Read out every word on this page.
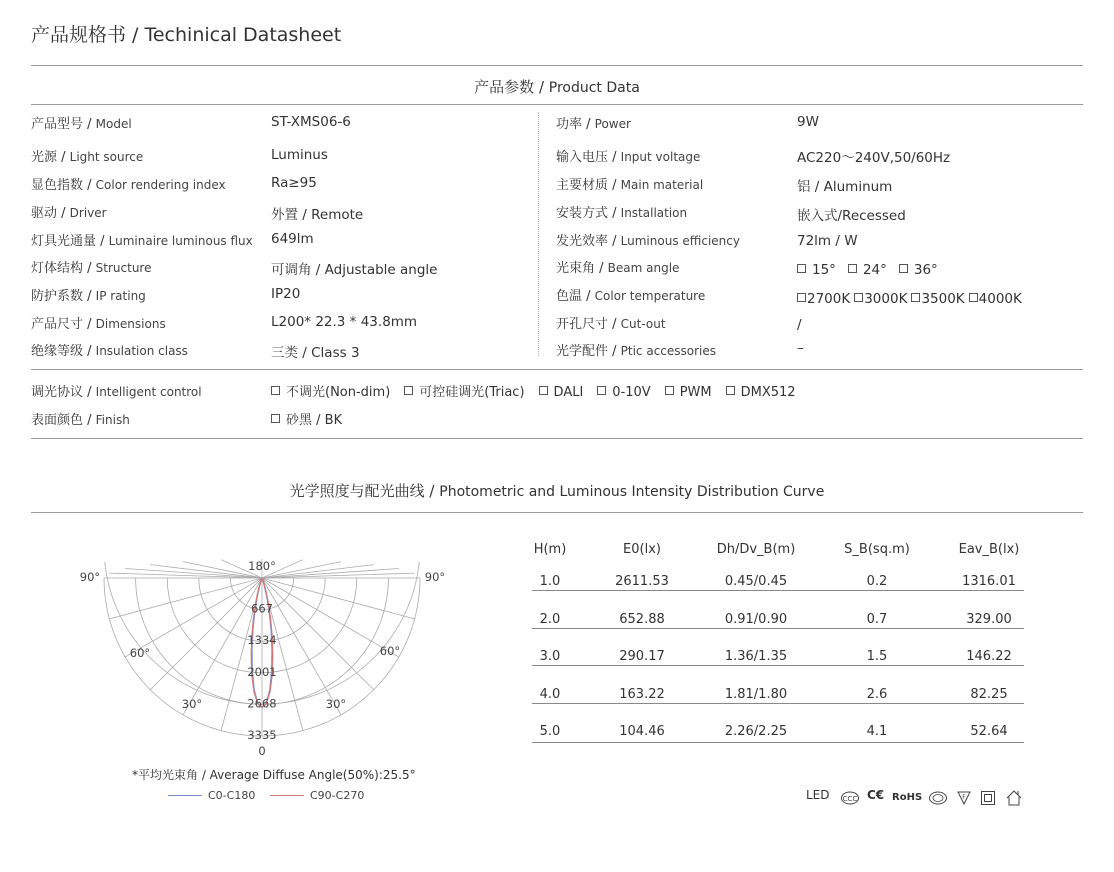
产品规格书 / Techinical Datasheet
产品参数 / Product Data
产品型号 / Model	ST-XMS06-6
光源 / Light source	Luminus
显色指数 / Color rendering index	Ra≥95
驱动 / Driver	外置 / Remote
灯具光通量 / Luminaire luminous flux 649lm
灯体结构 / Structure	可调角 / Adjustable angle
防护系数 / IP rating	IP20
产品尺寸 / Dimensions	L200* 22.3 * 43.8mm
绝缘等级 / Insulation class	三类 / Class 3
功率 / Power	9W
输入电压 / Input voltage	AC220～240V,50/60Hz
主要材质 / Main material	铝 / Aluminum
安装方式 / Installation	嵌入式/Recessed
发光效率 / Luminous efficiency	72lm / W
光束角 / Beam angle	15° 24° 36°
色温 / Color temperature	2700K 3000K 3500K 4000K
开孔尺寸 / Cut-out	/
光学配件 / Ptic accessories	–
调光协议 / Intelligent control	不调光(Non-dim) 可控硅调光(Triac) DALI 0-10V PWM DMX512
表面颜色 / Finish	砂黑 / BK
光学照度与配光曲线 / Photometric and Luminous Intensity Distribution Curve
180°
90°	90°
60°	60°
30°	30°
0
667
1334
2001
2668
3335
*平均光束角 / Average Diffuse Angle(50%):25.5°
C0-C180	C90-C270
H(m)	E0(lx)	Dh/Dv_B(m)	S_B(sq.m)	Eav_B(lx)
1.0	2611.53	0.45/0.45	0.2	1316.01
2.0	652.88	0.91/0.90	0.7	329.00
3.0	290.17	1.36/1.35	1.5	146.22
4.0	163.22	1.81/1.80	2.6	82.25
5.0	104.46	2.26/2.25	4.1	52.64
LED CCC C€ RoHS	F
